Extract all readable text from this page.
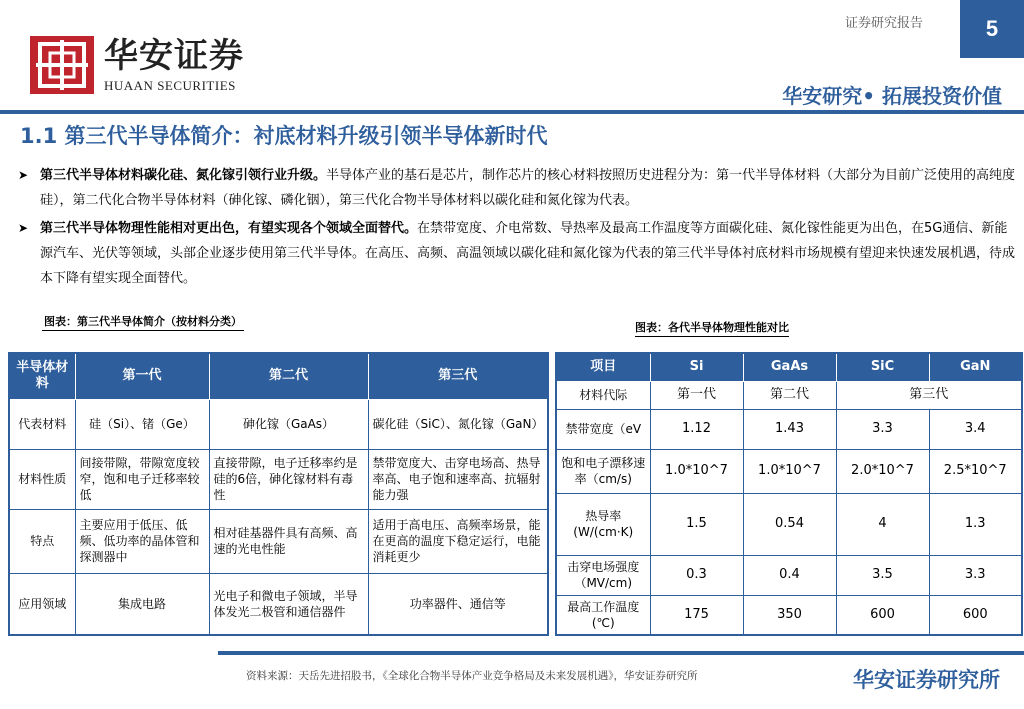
华安证券
HUAAN SECURITIES
证券研究报告	5
华安研究• 拓展投资价值
1.1 第三代半导体简介：衬底材料升级引领半导体新时代
➤ 第三代半导体材料碳化硅、氮化镓引领行业升级。半导体产业的基石是芯片，制作芯片的核心材料按照历史进程分为：第一代半导体材料（大部分为目前广泛使用的高纯度硅），第二代化合物半导体材料（砷化镓、磷化铟），第三代化合物半导体材料以碳化硅和氮化镓为代表。
➤ 第三代半导体物理性能相对更出色，有望实现各个领域全面替代。在禁带宽度、介电常数、导热率及最高工作温度等方面碳化硅、氮化镓性能更为出色，在5G通信、新能源汽车、光伏等领域，头部企业逐步使用第三代半导体。在高压、高频、高温领域以碳化硅和氮化镓为代表的第三代半导体衬底材料市场规模有望迎来快速发展机遇，待成本下降有望实现全面替代。
图表：第三代半导体简介（按材料分类）	图表：各代半导体物理性能对比
半导体材料	第一代	第二代	第三代
代表材料	硅（Si）、锗（Ge）	砷化镓（GaAs）	碳化硅（SiC）、氮化镓（GaN）
材料性质	间接带隙，带隙宽度较窄，饱和电子迁移率较低	直接带隙，电子迁移率约是硅的6倍，砷化镓材料有毒性	禁带宽度大、击穿电场高、热导率高、电子饱和速率高、抗辐射能力强
特点	主要应用于低压、低频、低功率的晶体管和探测器中	相对硅基器件具有高频、高速的光电性能	适用于高电压、高频率场景，能在更高的温度下稳定运行，电能消耗更少
应用领域	集成电路	光电子和微电子领域，半导体发光二极管和通信器件	功率器件、通信等
项目	Si	GaAs	SiC	GaN
材料代际	第一代	第二代	第三代	
禁带宽度（eV	1.12	1.43	3.3	3.4
饱和电子漂移速率（cm/s)	1.0*10^7	1.0*10^7	2.0*10^7	2.5*10^7
热导率(W/(cm·K)	1.5	0.54	4	1.3
击穿电场强度（MV/cm)	0.3	0.4	3.5	3.3
最高工作温度(℃)	175	350	600	600
资料来源：天岳先进招股书，《全球化合物半导体产业竞争格局及未来发展机遇》，华安证券研究所	华安证券研究所
